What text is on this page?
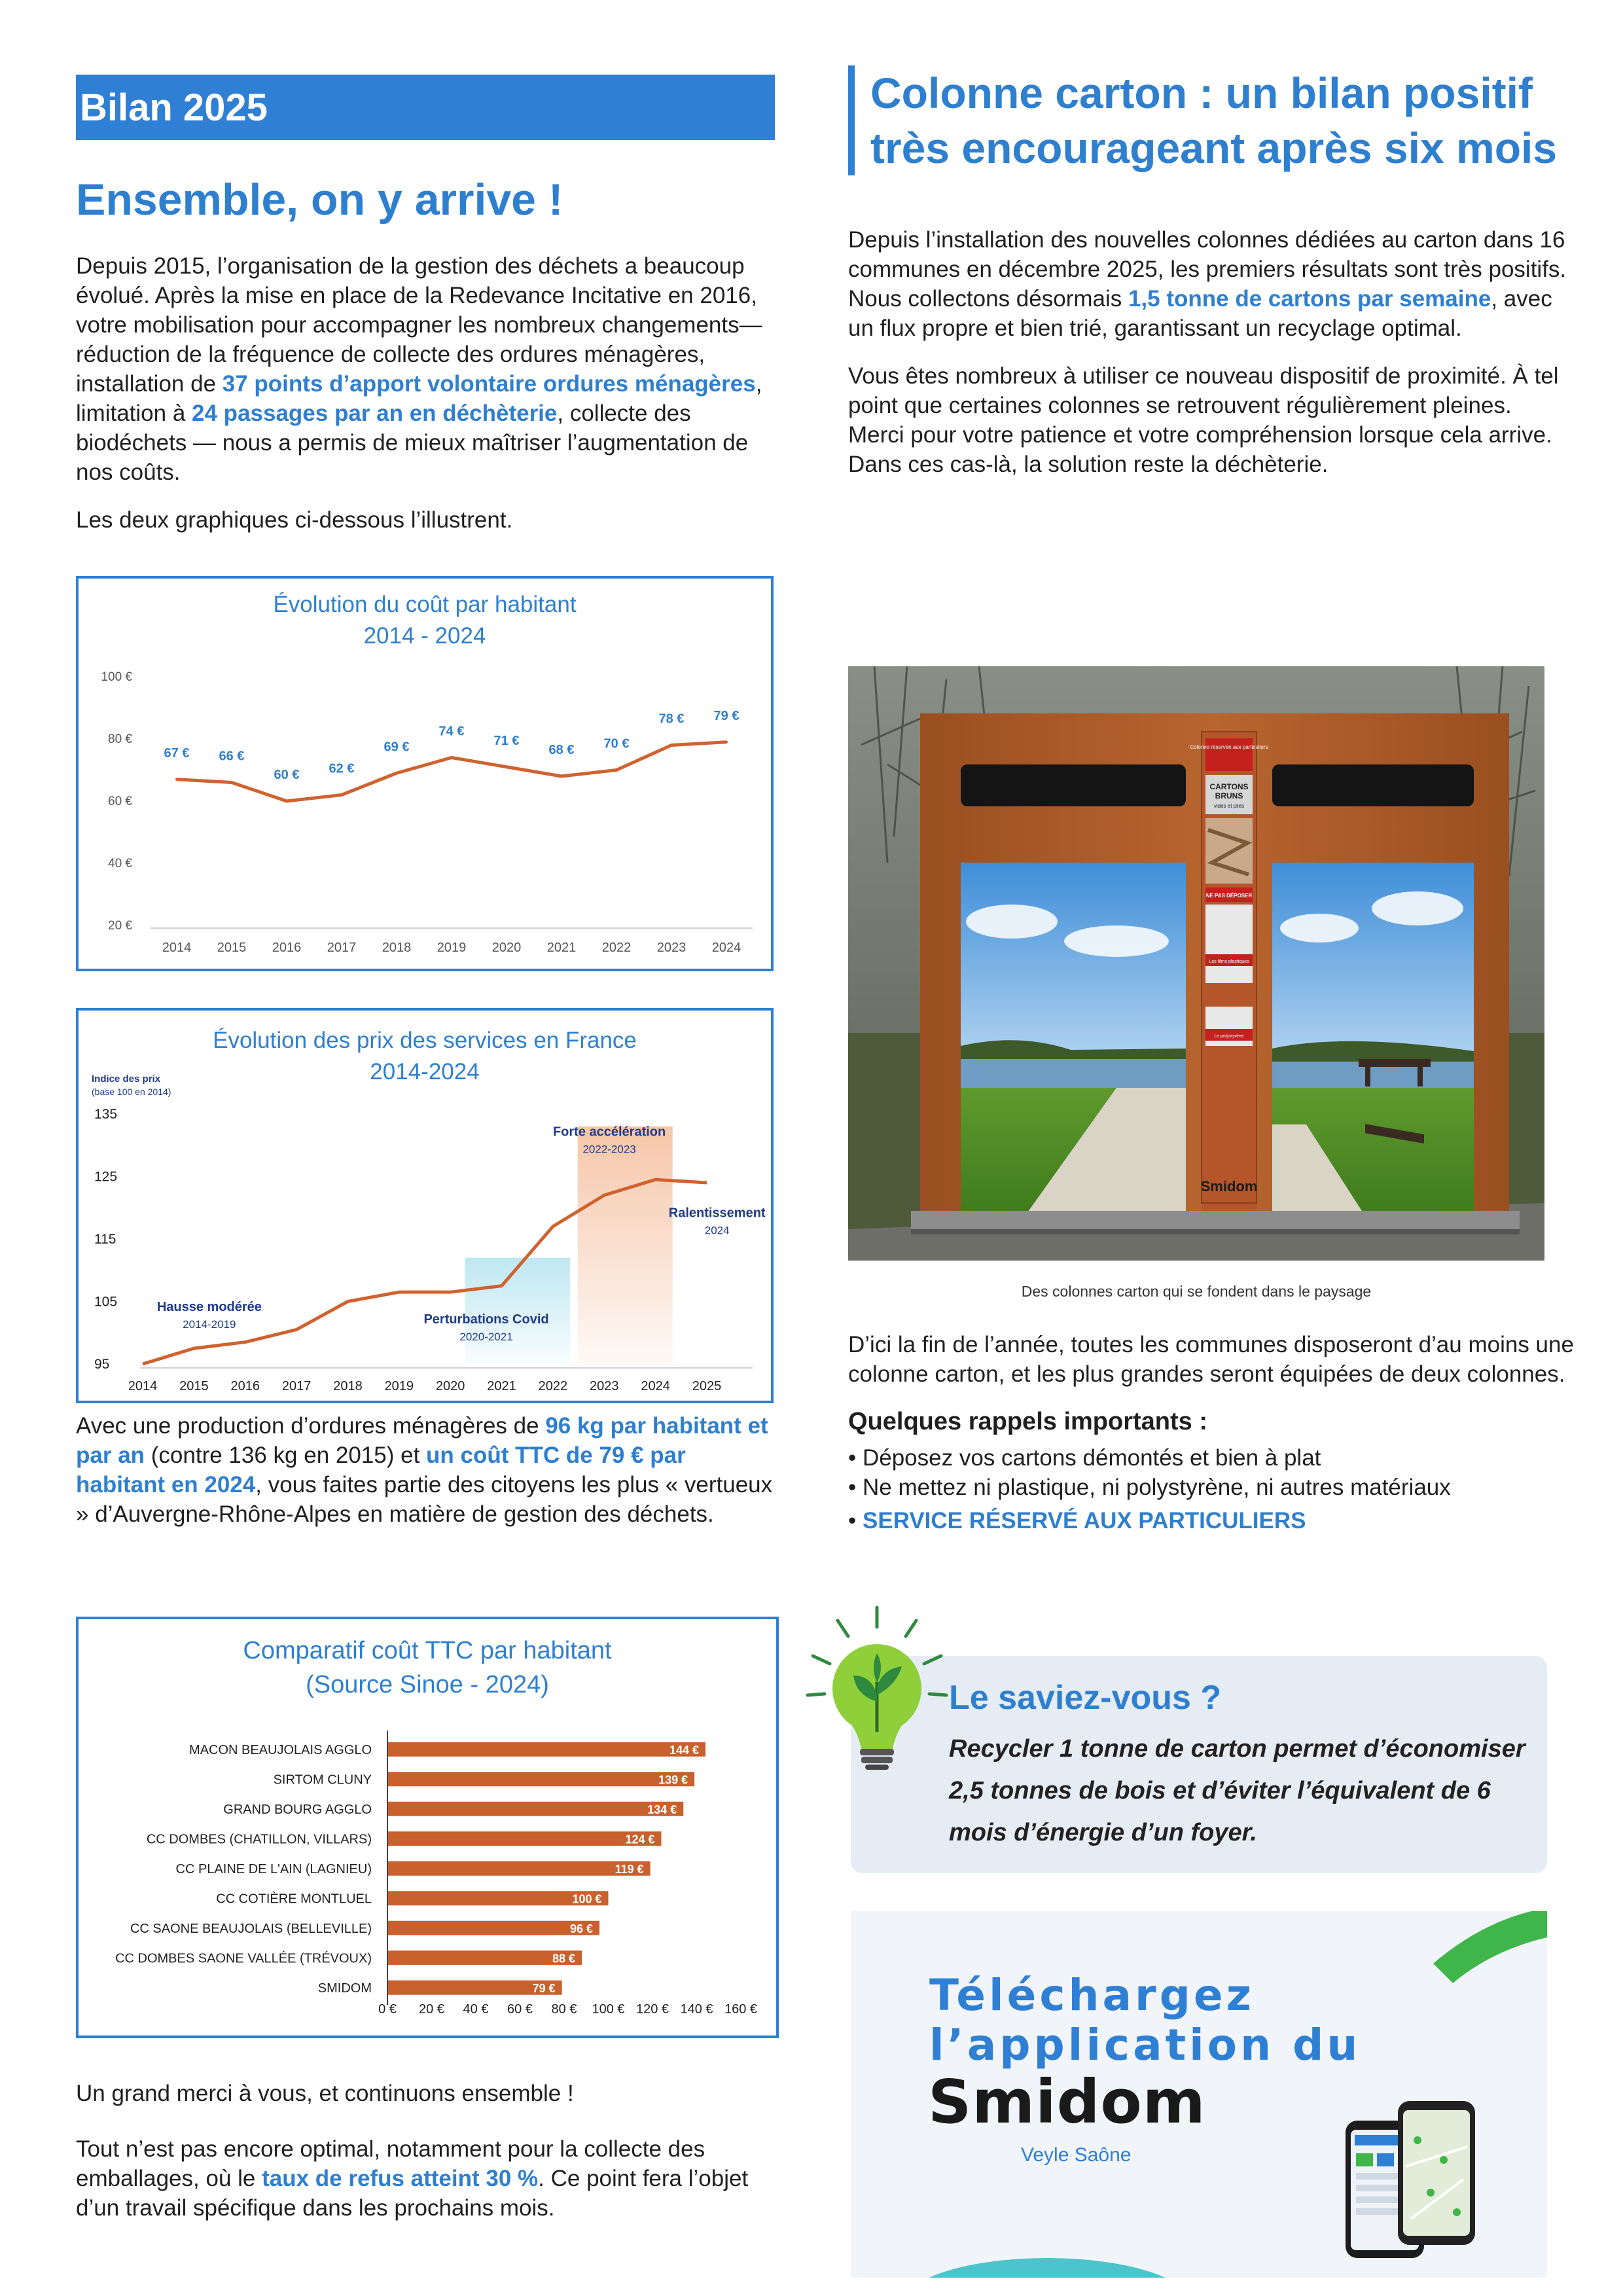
Bilan 2025
Ensemble, on y arrive !

Depuis 2015, l’organisation de la gestion des déchets a beaucoup évolué. Après la mise en place de la Redevance Incitative en 2016, votre mobilisation pour accompagner les nombreux changements— réduction de la fréquence de collecte des ordures ménagères, installation de 37 points d’apport volontaire ordures ménagères, limitation à 24 passages par an en déchèterie, collecte des biodéchets — nous a permis de mieux maîtriser l’augmentation de nos coûts.

Les deux graphiques ci-dessous l’illustrent.

Évolution du coût par habitant
2014 - 2024
100 €
80 €
60 €
40 €
20 €
2014 2015 2016 2017 2018 2019 2020 2021 2022 2023 2024
67 € 66 €
60 € 62 €
69 €
74 €
71 €
68 € 70 €
78 € 79 €
Évolution des prix des services en France
2014-2024
Indice des prix
(base 100 en 2014)
135
125
115
105
95
2014 2015 2016 2017 2018 2019 2020 2021 2022 2023 2024 2025
Hausse modérée
2014-2019	Perturbations Covid
2020-2021
Forte accélération
2022-2023
Ralentissement
2024

Avec une production d’ordures ménagères de 96 kg par habitant et par an (contre 136 kg en 2015) et un coût TTC de 79 € par habitant en 2024, vous faites partie des citoyens les plus « vertueux » d’Auvergne-Rhône-Alpes en matière de gestion des déchets.

Comparatif coût TTC par habitant
(Source Sinoe - 2024)
MACON BEAUJOLAIS AGGLO	144 €
SIRTOM CLUNY	139 €
GRAND BOURG AGGLO	134 €
CC DOMBES (CHATILLON, VILLARS)	124 €
CC PLAINE DE L'AIN (LAGNIEU)	119 €
CC COTIÈRE MONTLUEL	100 €
CC SAONE BEAUJOLAIS (BELLEVILLE)	96 €
CC DOMBES SAONE VALLÉE (TRÉVOUX)	88 €
SMIDOM	79 €
0 € 20 € 40 € 60 € 80 € 100 € 120 € 140 € 160 €

Un grand merci à vous, et continuons ensemble !

Tout n’est pas encore optimal, notamment pour la collecte des emballages, où le taux de refus atteint 30 %. Ce point fera l’objet d’un travail spécifique dans les prochains mois.

Colonne carton : un bilan positif très encourageant après six mois

Depuis l’installation des nouvelles colonnes dédiées au carton dans 16 communes en décembre 2025, les premiers résultats sont très positifs.

Nous collectons désormais 1,5 tonne de cartons par semaine, avec un flux propre et bien trié, garantissant un recyclage optimal.

Vous êtes nombreux à utiliser ce nouveau dispositif de proximité. À tel point que certaines colonnes se retrouvent régulièrement pleines.

Merci pour votre patience et votre compréhension lorsque cela arrive. Dans ces cas-là, la solution reste la déchèterie.

Colonne réservée aux particuliers
CARTONS
BRUNS
vidés et pliés
NE PAS DÉPOSER
Les films plastiques
Le polystyrène
Smidom
Des colonnes carton qui se fondent dans le paysage

D’ici la fin de l’année, toutes les communes disposeront d’au moins une colonne carton, et les plus grandes seront équipées de deux colonnes.

Quelques rappels importants :

• Déposez vos cartons démontés et bien à plat

• Ne mettez ni plastique, ni polystyrène, ni autres matériaux

• SERVICE RÉSERVÉ AUX PARTICULIERS

Le saviez-vous ?
Recycler 1 tonne de carton permet d’économiser 2,5 tonnes de bois et d’éviter l’équivalent de 6 mois d’énergie d’un foyer.
Téléchargez
l’application du
Smidom
Veyle Saône
